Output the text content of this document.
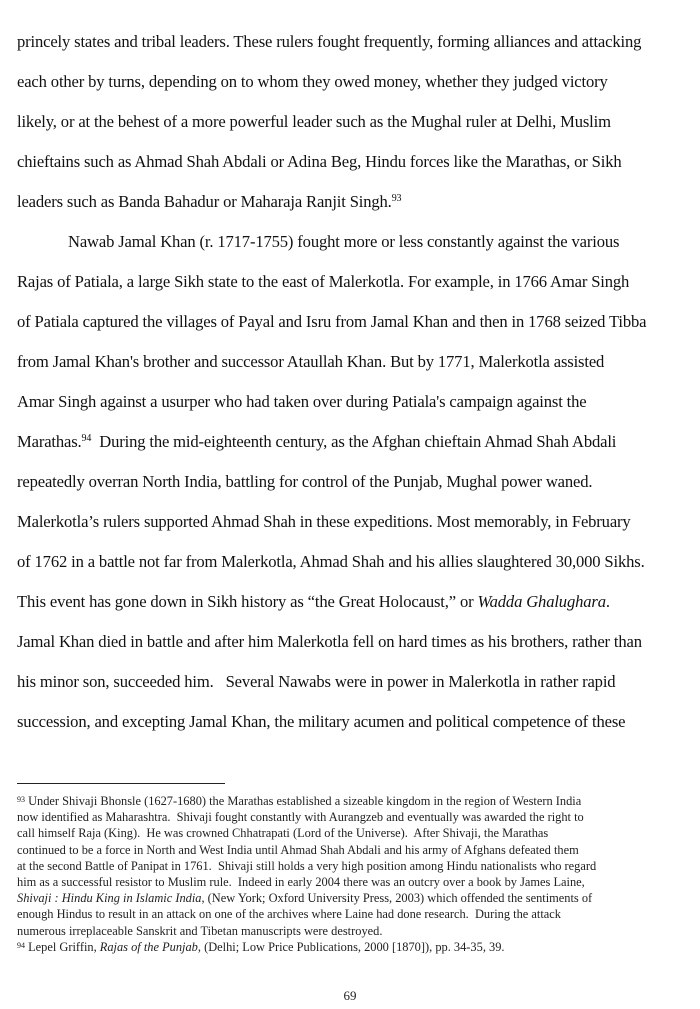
princely states and tribal leaders. These rulers fought frequently, forming alliances and attacking
each other by turns, depending on to whom they owed money, whether they judged victory
likely, or at the behest of a more powerful leader such as the Mughal ruler at Delhi, Muslim
chieftains such as Ahmad Shah Abdali or Adina Beg, Hindu forces like the Marathas, or Sikh
leaders such as Banda Bahadur or Maharaja Ranjit Singh.$^{93}$
Nawab Jamal Khan (r. 1717-1755) fought more or less constantly against the various
Rajas of Patiala, a large Sikh state to the east of Malerkotla. For example, in 1766 Amar Singh
of Patiala captured the villages of Payal and Isru from Jamal Khan and then in 1768 seized Tibba
from Jamal Khan's brother and successor Ataullah Khan. But by 1771, Malerkotla assisted
Amar Singh against a usurper who had taken over during Patiala's campaign against the
Marathas.$^{94}$  During the mid-eighteenth century, as the Afghan chieftain Ahmad Shah Abdali
repeatedly overran North India, battling for control of the Punjab, Mughal power waned.
Malerkotla’s rulers supported Ahmad Shah in these expeditions. Most memorably, in February
of 1762 in a battle not far from Malerkotla, Ahmad Shah and his allies slaughtered 30,000 Sikhs.
This event has gone down in Sikh history as “the Great Holocaust,” or Wadda Ghalughara.
Jamal Khan died in battle and after him Malerkotla fell on hard times as his brothers, rather than
his minor son, succeeded him.   Several Nawabs were in power in Malerkotla in rather rapid
succession, and excepting Jamal Khan, the military acumen and political competence of these
$^{93}$ Under Shivaji Bhonsle (1627-1680) the Marathas established a sizeable kingdom in the region of Western India
now identified as Maharashtra.  Shivaji fought constantly with Aurangzeb and eventually was awarded the right to
call himself Raja (King).  He was crowned Chhatrapati (Lord of the Universe).  After Shivaji, the Marathas
continued to be a force in North and West India until Ahmad Shah Abdali and his army of Afghans defeated them
at the second Battle of Panipat in 1761.  Shivaji still holds a very high position among Hindu nationalists who regard
him as a successful resistor to Muslim rule.  Indeed in early 2004 there was an outcry over a book by James Laine,
Shivaji : Hindu King in Islamic India, (New York; Oxford University Press, 2003) which offended the sentiments of
enough Hindus to result in an attack on one of the archives where Laine had done research.  During the attack
numerous irreplaceable Sanskrit and Tibetan manuscripts were destroyed.
$^{94}$ Lepel Griffin, Rajas of the Punjab, (Delhi; Low Price Publications, 2000 [1870]), pp. 34-35, 39.
69
